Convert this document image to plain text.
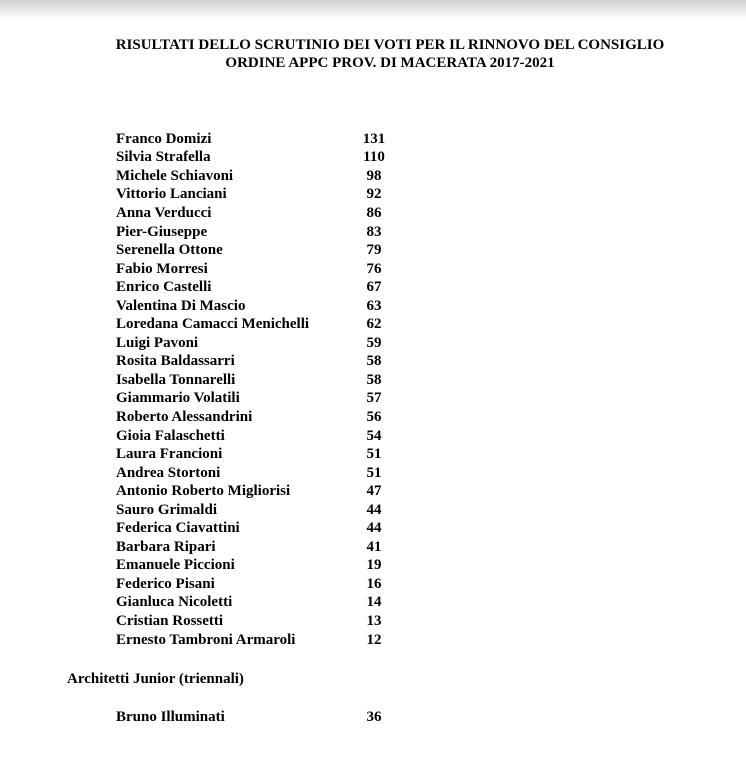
RISULTATI DELLO SCRUTINIO DEI VOTI PER IL RINNOVO DEL CONSIGLIO
ORDINE APPC PROV. DI MACERATA 2017-2021
Franco Domizi	131
Silvia Strafella	110
Michele Schiavoni	98
Vittorio Lanciani	92
Anna Verducci	86
Pier-Giuseppe	83
Serenella Ottone	79
Fabio Morresi	76
Enrico Castelli	67
Valentina Di Mascio	63
Loredana Camacci Menichelli	62
Luigi Pavoni	59
Rosita Baldassarri	58
Isabella Tonnarelli	58
Giammario Volatili	57
Roberto Alessandrini	56
Gioia Falaschetti	54
Laura Francioni	51
Andrea Stortoni	51
Antonio Roberto Migliorisi	47
Sauro Grimaldi	44
Federica Ciavattini	44
Barbara Ripari	41
Emanuele Piccioni	19
Federico Pisani	16
Gianluca Nicoletti	14
Cristian Rossetti	13
Ernesto Tambroni Armaroli	12
Architetti Junior (triennali)
Bruno Illuminati	36
